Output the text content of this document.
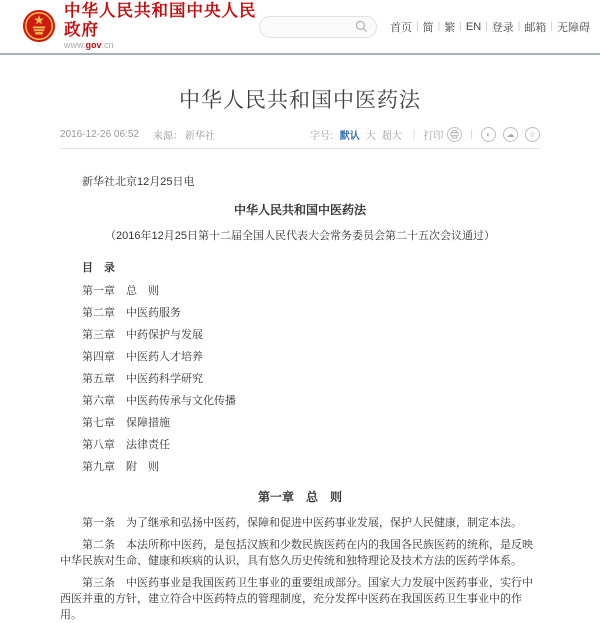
中华人民共和国中央人民政府
www.gov.cn
首页 | 简 | 繁 | EN | 登录 | 邮箱 | 无障碍
中华人民共和国中医药法
2016-12-26 06:52 来源： 新华社	字号: 默认 大 超大 | 打印	|	◐	☁	☆
新华社北京12月25日电
中华人民共和国中医药法
（2016年12月25日第十二届全国人民代表大会常务委员会第二十五次会议通过）
目　录
第一章　总　则
第二章　中医药服务
第三章　中药保护与发展
第四章　中医药人才培养
第五章　中医药科学研究
第六章　中医药传承与文化传播
第七章　保障措施
第八章　法律责任
第九章　附　则
第一章　总　则
第一条　为了继承和弘扬中医药，保障和促进中医药事业发展，保护人民健康，制定本法。
第二条　本法所称中医药，是包括汉族和少数民族医药在内的我国各民族医药的统称，是反映中华民族对生命、健康和疾病的认识，具有悠久历史传统和独特理论及技术方法的医药学体系。
第三条　中医药事业是我国医药卫生事业的重要组成部分。国家大力发展中医药事业，实行中西医并重的方针，建立符合中医药特点的管理制度，充分发挥中医药在我国医药卫生事业中的作用。
